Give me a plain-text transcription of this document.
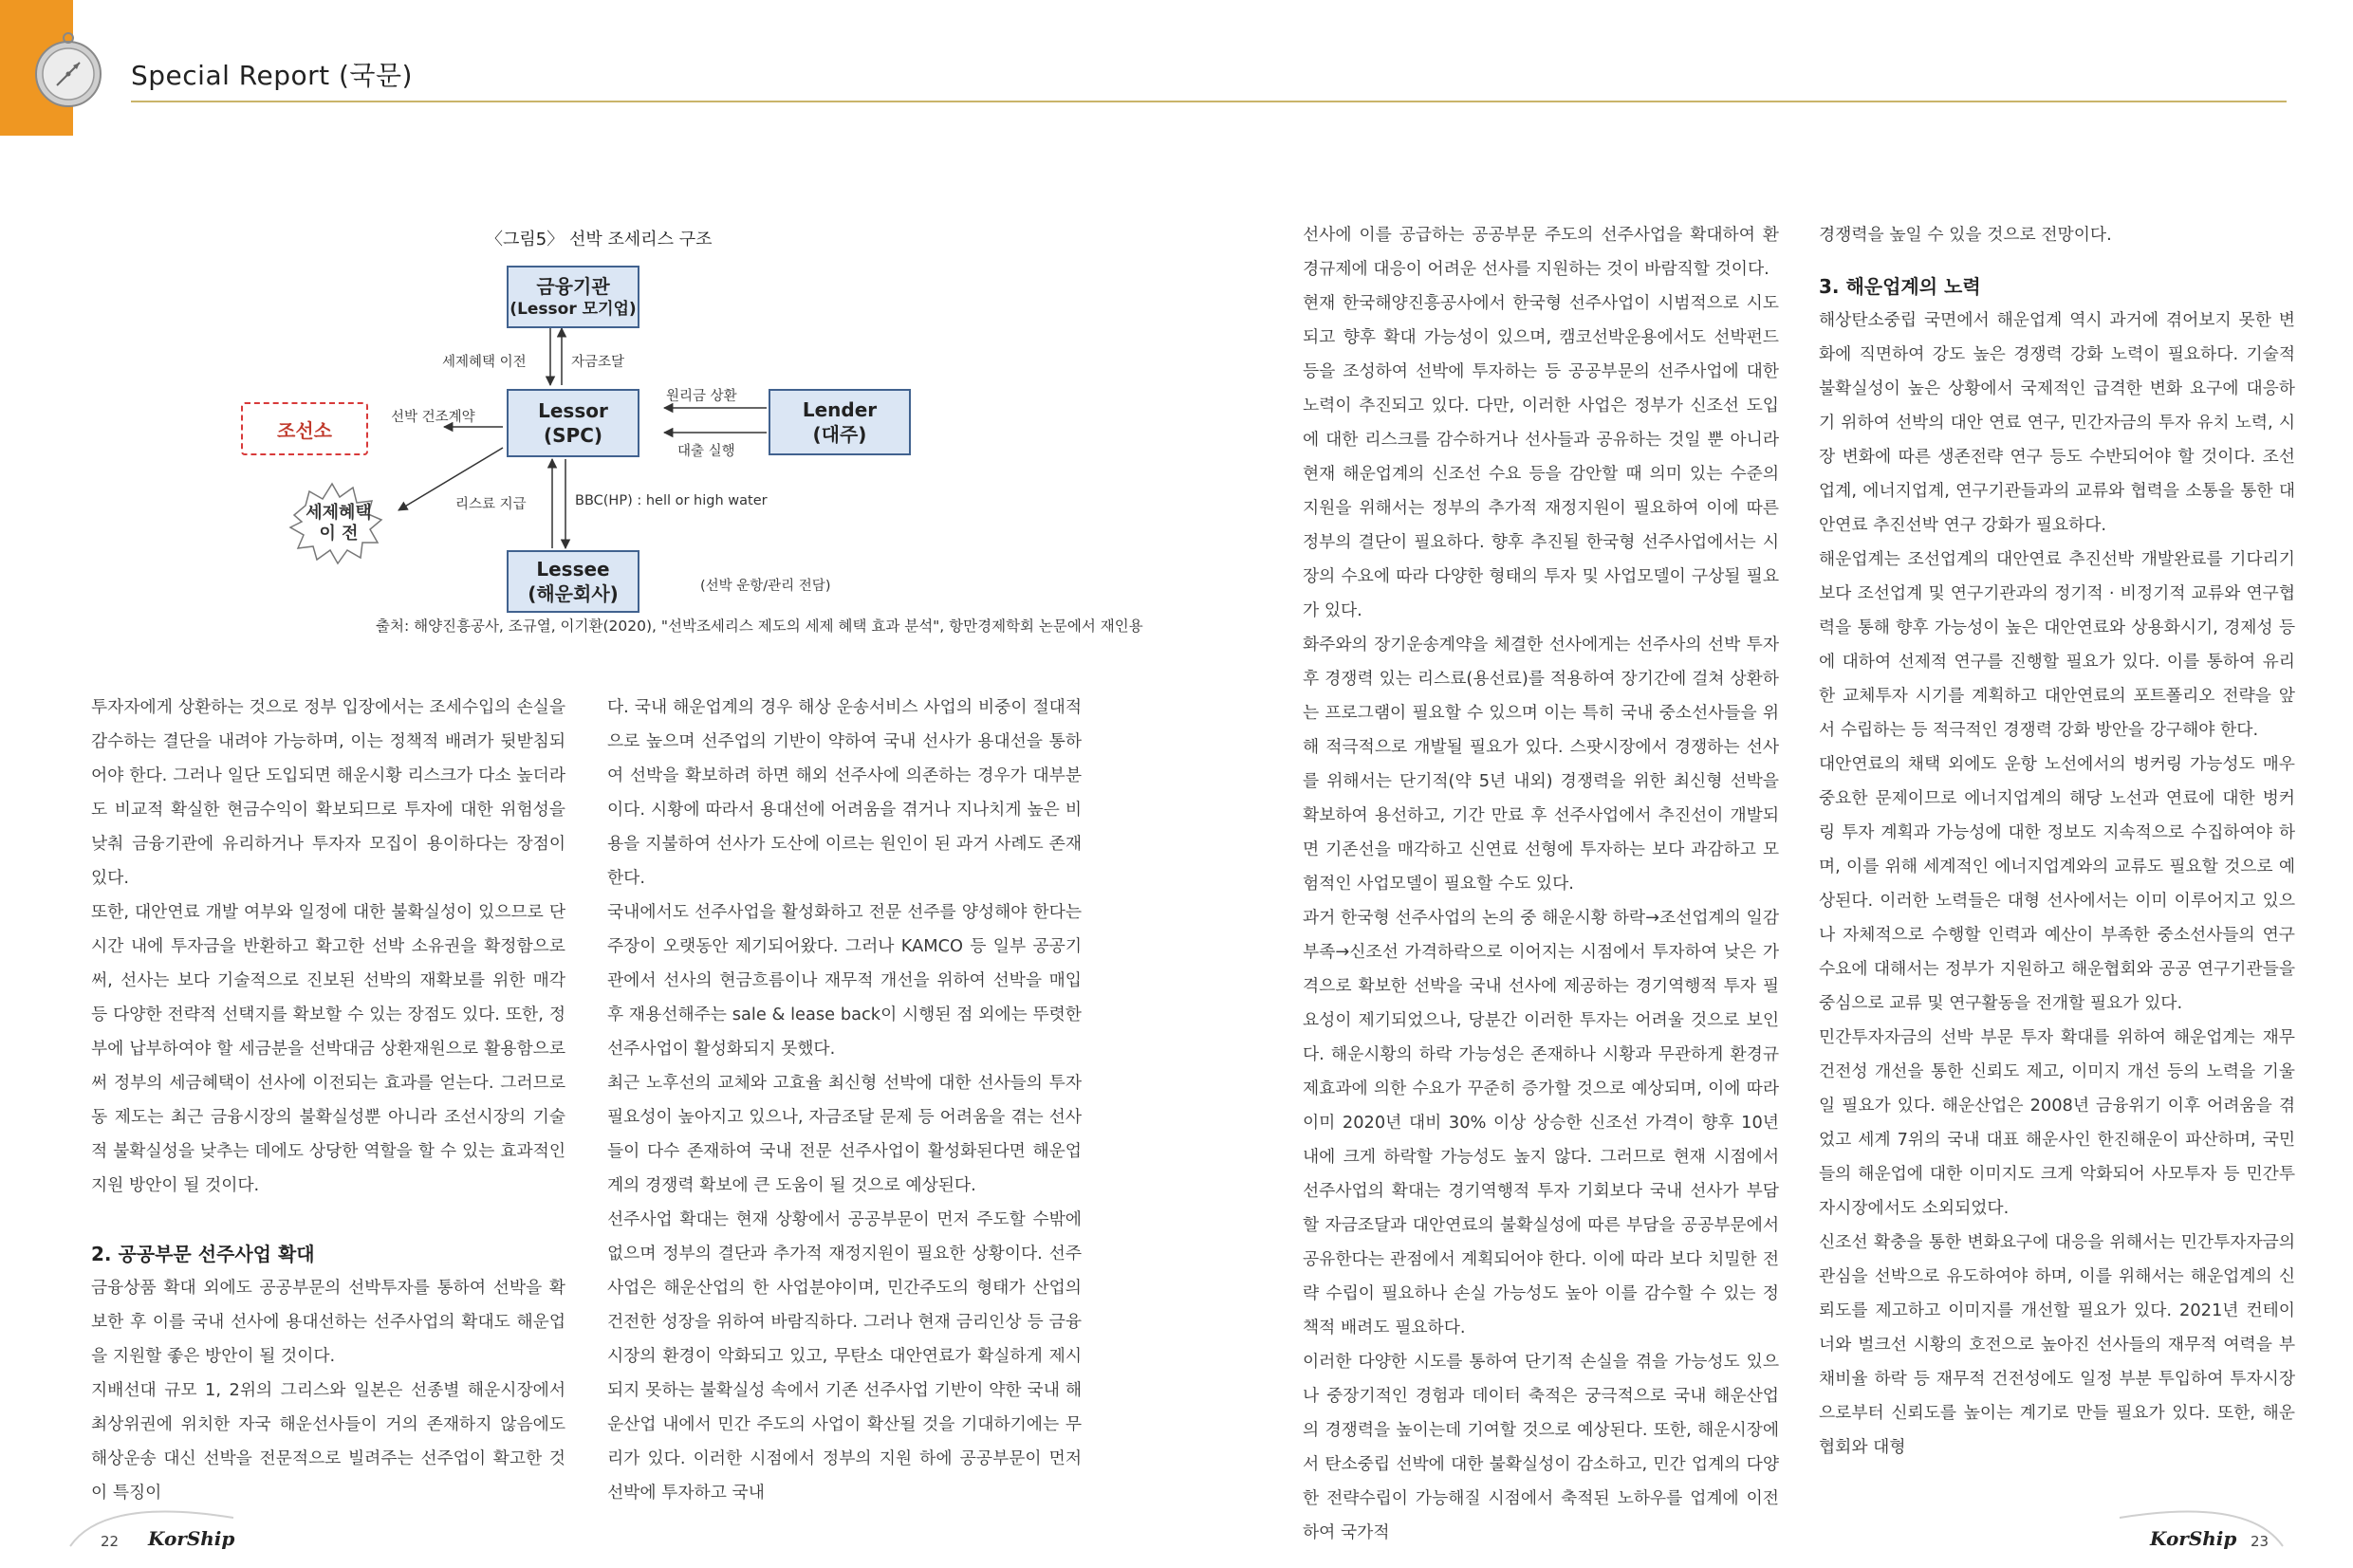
Special Report (국문)
〈그림5〉 선박 조세리스 구조
금융기관
(Lessor 모기업)
Lessor
(SPC)
Lender
(대주)
Lessee
(해운회사)
조선소
세제혜택
이 전
세제혜택 이전	자금조달
원리금 상환
대출 실행
선박 건조계약
리스료 지급	BBC(HP) : hell or high water
(선박 운항/관리 전담)
출처: 해양진흥공사, 조규열, 이기환(2020), "선박조세리스 제도의 세제 혜택 효과 분석", 항만경제학회 논문에서 재인용

투자자에게 상환하는 것으로 정부 입장에서는 조세수입의 손실을 감수하는 결단을 내려야 가능하며, 이는 정책적 배려가 뒷받침되어야 한다. 그러나 일단 도입되면 해운시황 리스크가 다소 높더라도 비교적 확실한 현금수익이 확보되므로 투자에 대한 위험성을 낮춰 금융기관에 유리하거나 투자자 모집이 용이하다는 장점이 있다.

또한, 대안연료 개발 여부와 일정에 대한 불확실성이 있으므로 단시간 내에 투자금을 반환하고 확고한 선박 소유권을 확정함으로써, 선사는 보다 기술적으로 진보된 선박의 재확보를 위한 매각 등 다양한 전략적 선택지를 확보할 수 있는 장점도 있다. 또한, 정부에 납부하여야 할 세금분을 선박대금 상환재원으로 활용함으로써 정부의 세금혜택이 선사에 이전되는 효과를 얻는다. 그러므로 동 제도는 최근 금융시장의 불확실성뿐 아니라 조선시장의 기술적 불확실성을 낮추는 데에도 상당한 역할을 할 수 있는 효과적인 지원 방안이 될 것이다.

2. 공공부문 선주사업 확대

금융상품 확대 외에도 공공부문의 선박투자를 통하여 선박을 확보한 후 이를 국내 선사에 용대선하는 선주사업의 확대도 해운업을 지원할 좋은 방안이 될 것이다.

지배선대 규모 1, 2위의 그리스와 일본은 선종별 해운시장에서 최상위권에 위치한 자국 해운선사들이 거의 존재하지 않음에도 해상운송 대신 선박을 전문적으로 빌려주는 선주업이 확고한 것이 특징이

다. 국내 해운업계의 경우 해상 운송서비스 사업의 비중이 절대적으로 높으며 선주업의 기반이 약하여 국내 선사가 용대선을 통하여 선박을 확보하려 하면 해외 선주사에 의존하는 경우가 대부분이다. 시황에 따라서 용대선에 어려움을 겪거나 지나치게 높은 비용을 지불하여 선사가 도산에 이르는 원인이 된 과거 사례도 존재한다.

국내에서도 선주사업을 활성화하고 전문 선주를 양성해야 한다는 주장이 오랫동안 제기되어왔다. 그러나 KAMCO 등 일부 공공기관에서 선사의 현금흐름이나 재무적 개선을 위하여 선박을 매입 후 재용선해주는 sale & lease back이 시행된 점 외에는 뚜렷한 선주사업이 활성화되지 못했다.

최근 노후선의 교체와 고효율 최신형 선박에 대한 선사들의 투자 필요성이 높아지고 있으나, 자금조달 문제 등 어려움을 겪는 선사들이 다수 존재하여 국내 전문 선주사업이 활성화된다면 해운업계의 경쟁력 확보에 큰 도움이 될 것으로 예상된다.

선주사업 확대는 현재 상황에서 공공부문이 먼저 주도할 수밖에 없으며 정부의 결단과 추가적 재정지원이 필요한 상황이다. 선주사업은 해운산업의 한 사업분야이며, 민간주도의 형태가 산업의 건전한 성장을 위하여 바람직하다. 그러나 현재 금리인상 등 금융시장의 환경이 악화되고 있고, 무탄소 대안연료가 확실하게 제시되지 못하는 불확실성 속에서 기존 선주사업 기반이 약한 국내 해운산업 내에서 민간 주도의 사업이 확산될 것을 기대하기에는 무리가 있다. 이러한 시점에서 정부의 지원 하에 공공부문이 먼저 선박에 투자하고 국내

선사에 이를 공급하는 공공부문 주도의 선주사업을 확대하여 환경규제에 대응이 어려운 선사를 지원하는 것이 바람직할 것이다.

현재 한국해양진흥공사에서 한국형 선주사업이 시범적으로 시도되고 향후 확대 가능성이 있으며, 캠코선박운용에서도 선박펀드 등을 조성하여 선박에 투자하는 등 공공부문의 선주사업에 대한 노력이 추진되고 있다. 다만, 이러한 사업은 정부가 신조선 도입에 대한 리스크를 감수하거나 선사들과 공유하는 것일 뿐 아니라 현재 해운업계의 신조선 수요 등을 감안할 때 의미 있는 수준의 지원을 위해서는 정부의 추가적 재정지원이 필요하여 이에 따른 정부의 결단이 필요하다. 향후 추진될 한국형 선주사업에서는 시장의 수요에 따라 다양한 형태의 투자 및 사업모델이 구상될 필요가 있다.

화주와의 장기운송계약을 체결한 선사에게는 선주사의 선박 투자 후 경쟁력 있는 리스료(용선료)를 적용하여 장기간에 걸쳐 상환하는 프로그램이 필요할 수 있으며 이는 특히 국내 중소선사들을 위해 적극적으로 개발될 필요가 있다. 스팟시장에서 경쟁하는 선사를 위해서는 단기적(약 5년 내외) 경쟁력을 위한 최신형 선박을 확보하여 용선하고, 기간 만료 후 선주사업에서 추진선이 개발되면 기존선을 매각하고 신연료 선형에 투자하는 보다 과감하고 모험적인 사업모델이 필요할 수도 있다.

과거 한국형 선주사업의 논의 중 해운시황 하락→조선업계의 일감부족→신조선 가격하락으로 이어지는 시점에서 투자하여 낮은 가격으로 확보한 선박을 국내 선사에 제공하는 경기역행적 투자 필요성이 제기되었으나, 당분간 이러한 투자는 어려울 것으로 보인다. 해운시황의 하락 가능성은 존재하나 시황과 무관하게 환경규제효과에 의한 수요가 꾸준히 증가할 것으로 예상되며, 이에 따라 이미 2020년 대비 30% 이상 상승한 신조선 가격이 향후 10년 내에 크게 하락할 가능성도 높지 않다. 그러므로 현재 시점에서 선주사업의 확대는 경기역행적 투자 기회보다 국내 선사가 부담할 자금조달과 대안연료의 불확실성에 따른 부담을 공공부문에서 공유한다는 관점에서 계획되어야 한다. 이에 따라 보다 치밀한 전략 수립이 필요하나 손실 가능성도 높아 이를 감수할 수 있는 정책적 배려도 필요하다.

이러한 다양한 시도를 통하여 단기적 손실을 겪을 가능성도 있으나 중장기적인 경험과 데이터 축적은 궁극적으로 국내 해운산업의 경쟁력을 높이는데 기여할 것으로 예상된다. 또한, 해운시장에서 탄소중립 선박에 대한 불확실성이 감소하고, 민간 업계의 다양한 전략수립이 가능해질 시점에서 축적된 노하우를 업계에 이전하여 국가적

경쟁력을 높일 수 있을 것으로 전망이다.

3. 해운업계의 노력

해상탄소중립 국면에서 해운업계 역시 과거에 겪어보지 못한 변화에 직면하여 강도 높은 경쟁력 강화 노력이 필요하다. 기술적 불확실성이 높은 상황에서 국제적인 급격한 변화 요구에 대응하기 위하여 선박의 대안 연료 연구, 민간자금의 투자 유치 노력, 시장 변화에 따른 생존전략 연구 등도 수반되어야 할 것이다. 조선업계, 에너지업계, 연구기관들과의 교류와 협력을 소통을 통한 대안연료 추진선박 연구 강화가 필요하다.

해운업계는 조선업계의 대안연료 추진선박 개발완료를 기다리기보다 조선업계 및 연구기관과의 정기적 · 비정기적 교류와 연구협력을 통해 향후 가능성이 높은 대안연료와 상용화시기, 경제성 등에 대하여 선제적 연구를 진행할 필요가 있다. 이를 통하여 유리한 교체투자 시기를 계획하고 대안연료의 포트폴리오 전략을 앞서 수립하는 등 적극적인 경쟁력 강화 방안을 강구해야 한다.

대안연료의 채택 외에도 운항 노선에서의 벙커링 가능성도 매우 중요한 문제이므로 에너지업계의 해당 노선과 연료에 대한 벙커링 투자 계획과 가능성에 대한 정보도 지속적으로 수집하여야 하며, 이를 위해 세계적인 에너지업계와의 교류도 필요할 것으로 예상된다. 이러한 노력들은 대형 선사에서는 이미 이루어지고 있으나 자체적으로 수행할 인력과 예산이 부족한 중소선사들의 연구수요에 대해서는 정부가 지원하고 해운협회와 공공 연구기관들을 중심으로 교류 및 연구활동을 전개할 필요가 있다.

민간투자자금의 선박 부문 투자 확대를 위하여 해운업계는 재무 건전성 개선을 통한 신뢰도 제고, 이미지 개선 등의 노력을 기울일 필요가 있다. 해운산업은 2008년 금융위기 이후 어려움을 겪었고 세계 7위의 국내 대표 해운사인 한진해운이 파산하며, 국민들의 해운업에 대한 이미지도 크게 악화되어 사모투자 등 민간투자시장에서도 소외되었다.

신조선 확충을 통한 변화요구에 대응을 위해서는 민간투자자금의 관심을 선박으로 유도하여야 하며, 이를 위해서는 해운업계의 신뢰도를 제고하고 이미지를 개선할 필요가 있다. 2021년 컨테이너와 벌크선 시황의 호전으로 높아진 선사들의 재무적 여력을 부채비율 하락 등 재무적 건전성에도 일정 부분 투입하여 투자시장으로부터 신뢰도를 높이는 계기로 만들 필요가 있다. 또한, 해운협회와 대형

22 KorShip	KorShip 23
